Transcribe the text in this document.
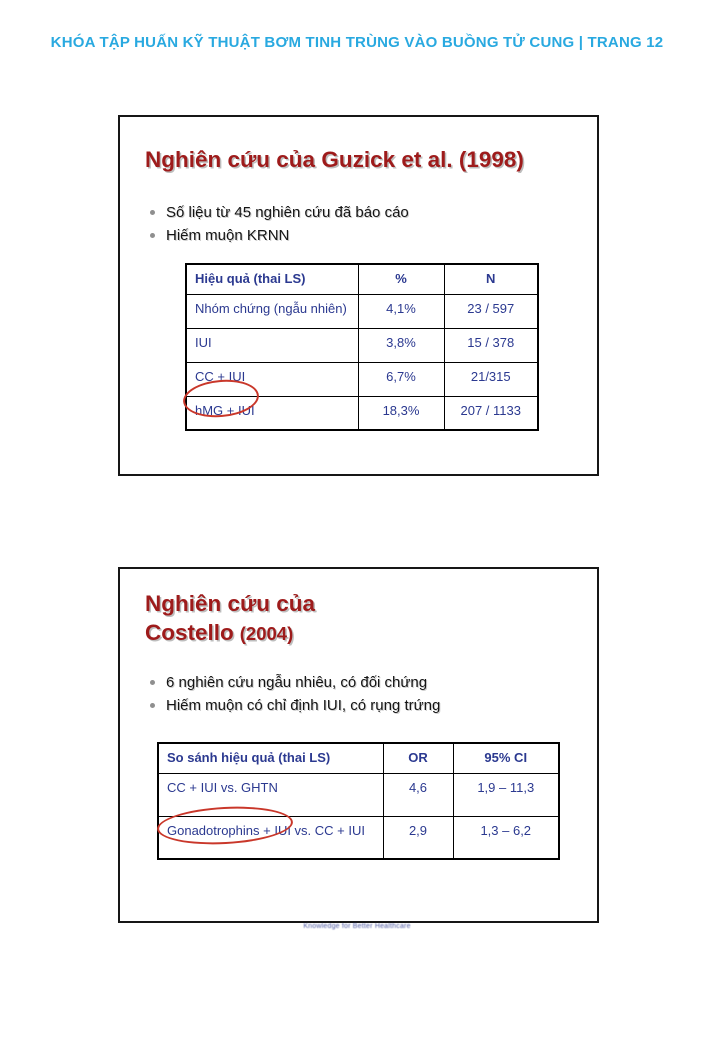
KHÓA TẬP HUẤN KỸ THUẬT BƠM TINH TRÙNG VÀO BUỒNG TỬ CUNG | TRANG 12
Nghiên cứu của Guzick et al. (1998)
Số liệu từ 45 nghiên cứu đã báo cáo
Hiếm muộn KRNN
Hiệu quả (thai LS)	%	N
Nhóm chứng (ngẫu nhiên)	4,1%	23 / 597
IUI	3,8%	15 / 378
CC + IUI	6,7%	21/315
hMG + IUI	18,3%	207 / 1133
Nghiên cứu của
Costello (2004)
6 nghiên cứu ngẫu nhiêu, có đối chứng
Hiếm muộn có chỉ định IUI, có rụng trứng
So sánh hiệu quả (thai LS)	OR	95% CI
CC + IUI vs. GHTN	4,6	1,9 – 11,3
Gonadotrophins + IUI vs. CC + IUI	2,9	1,3 – 6,2
Knowledge for Better Healthcare
